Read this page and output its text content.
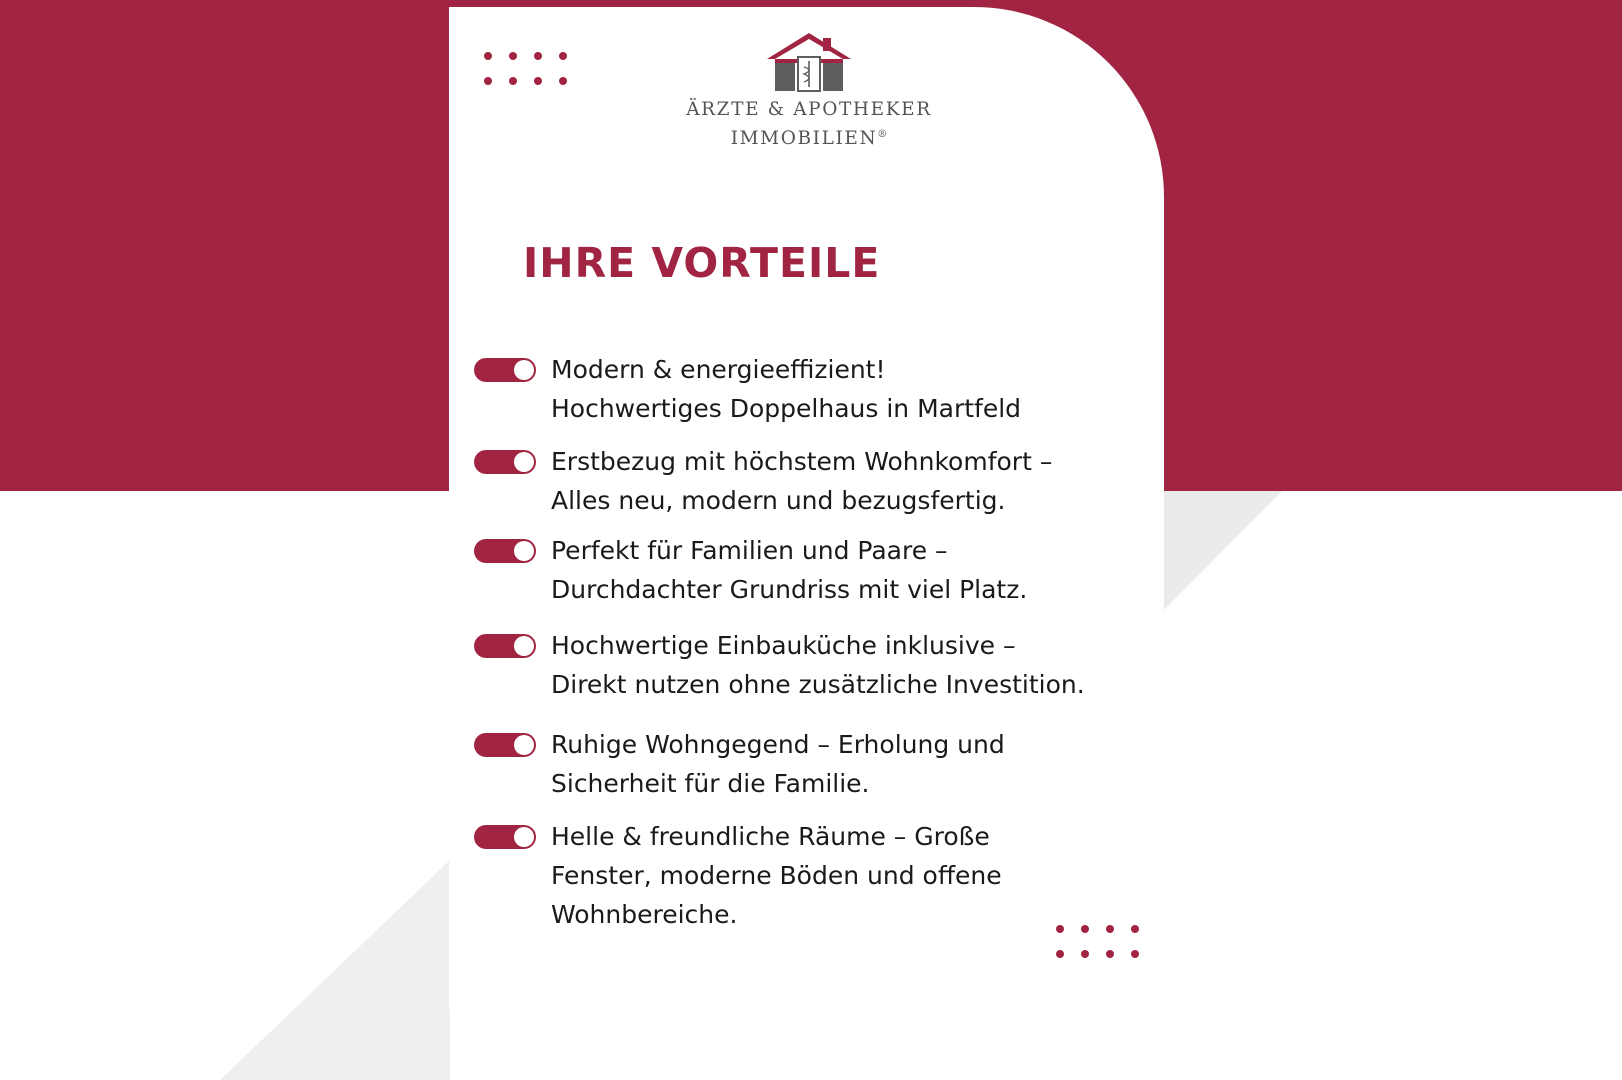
ÄRZTE & APOTHEKER
IMMOBILIEN®
IHRE VORTEILE

Modern & energieeffizient!
Hochwertiges Doppelhaus in Martfeld

Erstbezug mit höchstem Wohnkomfort –
Alles neu, modern und bezugsfertig.

Perfekt für Familien und Paare –
Durchdachter Grundriss mit viel Platz.

Hochwertige Einbauküche inklusive –
Direkt nutzen ohne zusätzliche Investition.

Ruhige Wohngegend – Erholung und
Sicherheit für die Familie.

Helle & freundliche Räume – Große
Fenster, moderne Böden und offene
Wohnbereiche.
